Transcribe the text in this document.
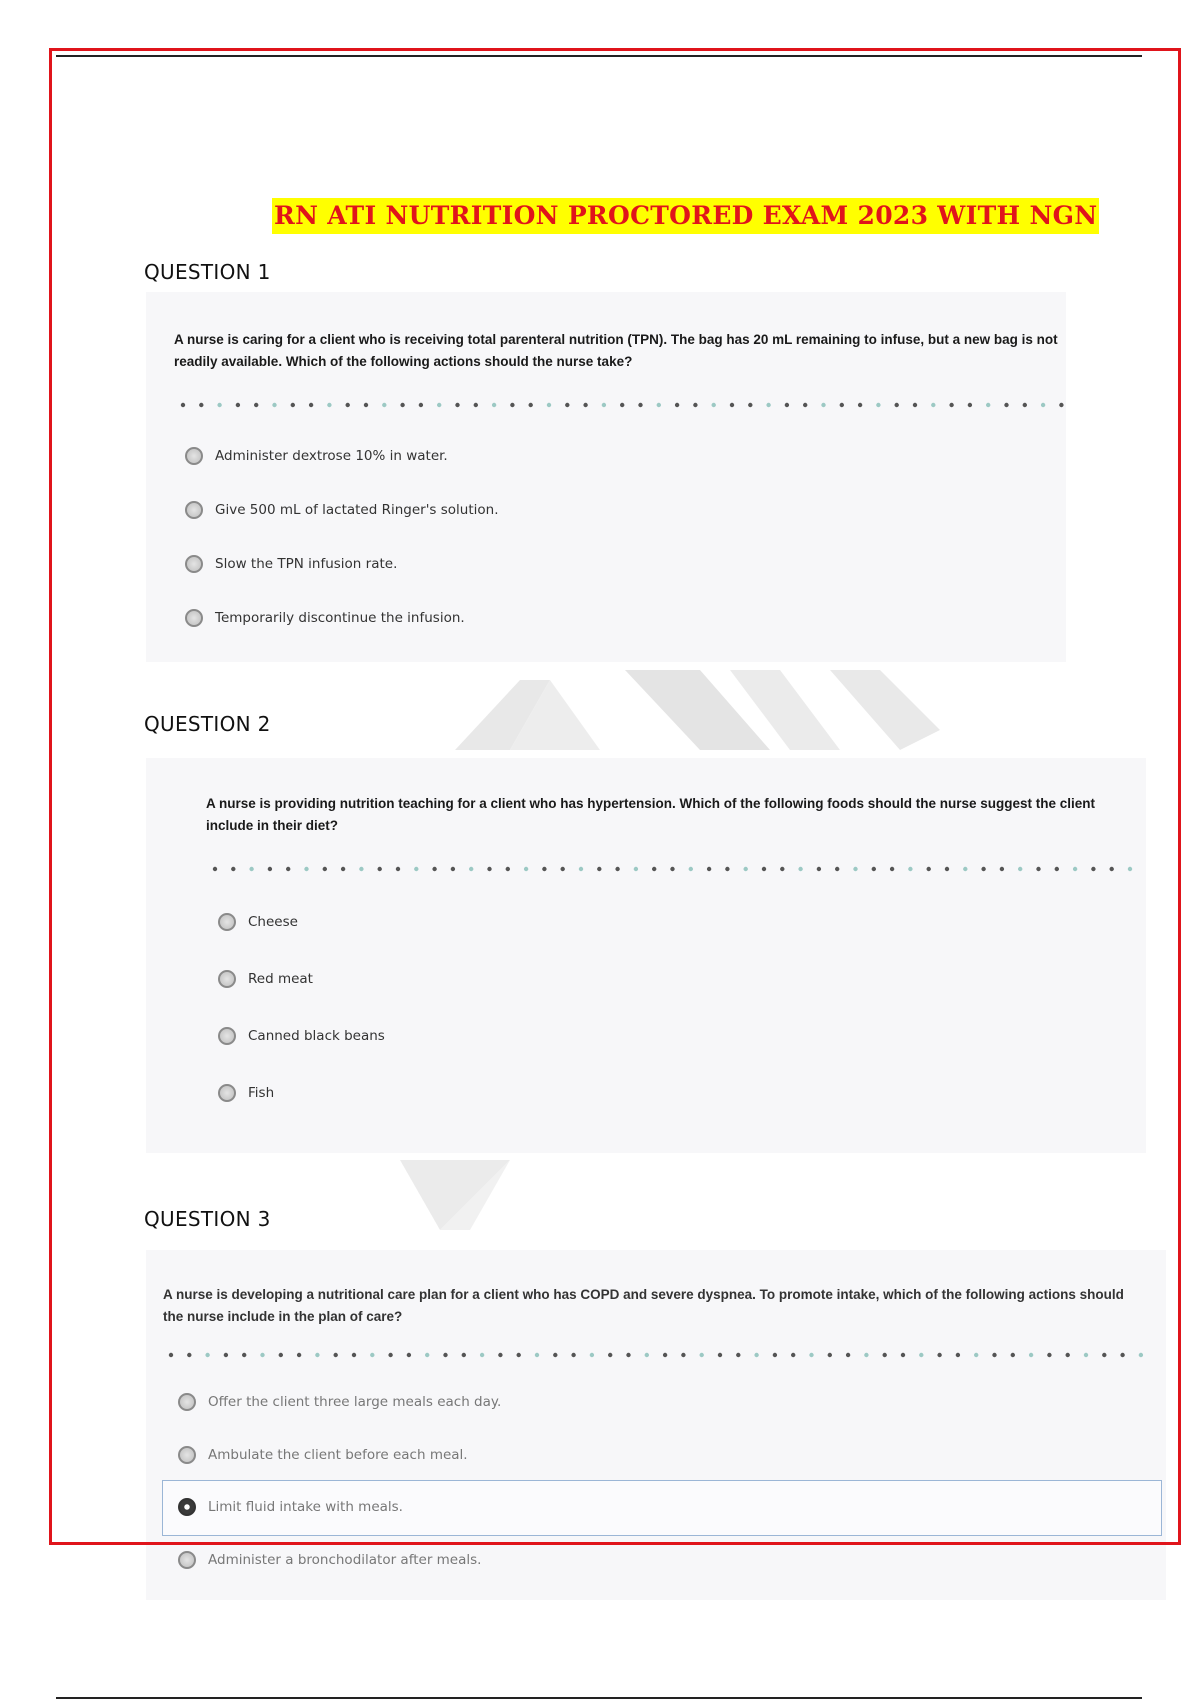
RN ATI NUTRITION PROCTORED EXAM 2023 WITH NGN
QUESTION 1
A nurse is caring for a client who is receiving total parenteral nutrition (TPN). The bag has 20 mL remaining to infuse, but a new bag is not readily available. Which of the following actions should the nurse take?
Administer dextrose 10% in water.
Give 500 mL of lactated Ringer's solution.
Slow the TPN infusion rate.
Temporarily discontinue the infusion.
QUESTION 2
A nurse is providing nutrition teaching for a client who has hypertension. Which of the following foods should the nurse suggest the client include in their diet?
Cheese
Red meat
Canned black beans
Fish
QUESTION 3
A nurse is developing a nutritional care plan for a client who has COPD and severe dyspnea. To promote intake, which of the following actions should the nurse include in the plan of care?
Offer the client three large meals each day.
Ambulate the client before each meal.
Limit fluid intake with meals.
Administer a bronchodilator after meals.
